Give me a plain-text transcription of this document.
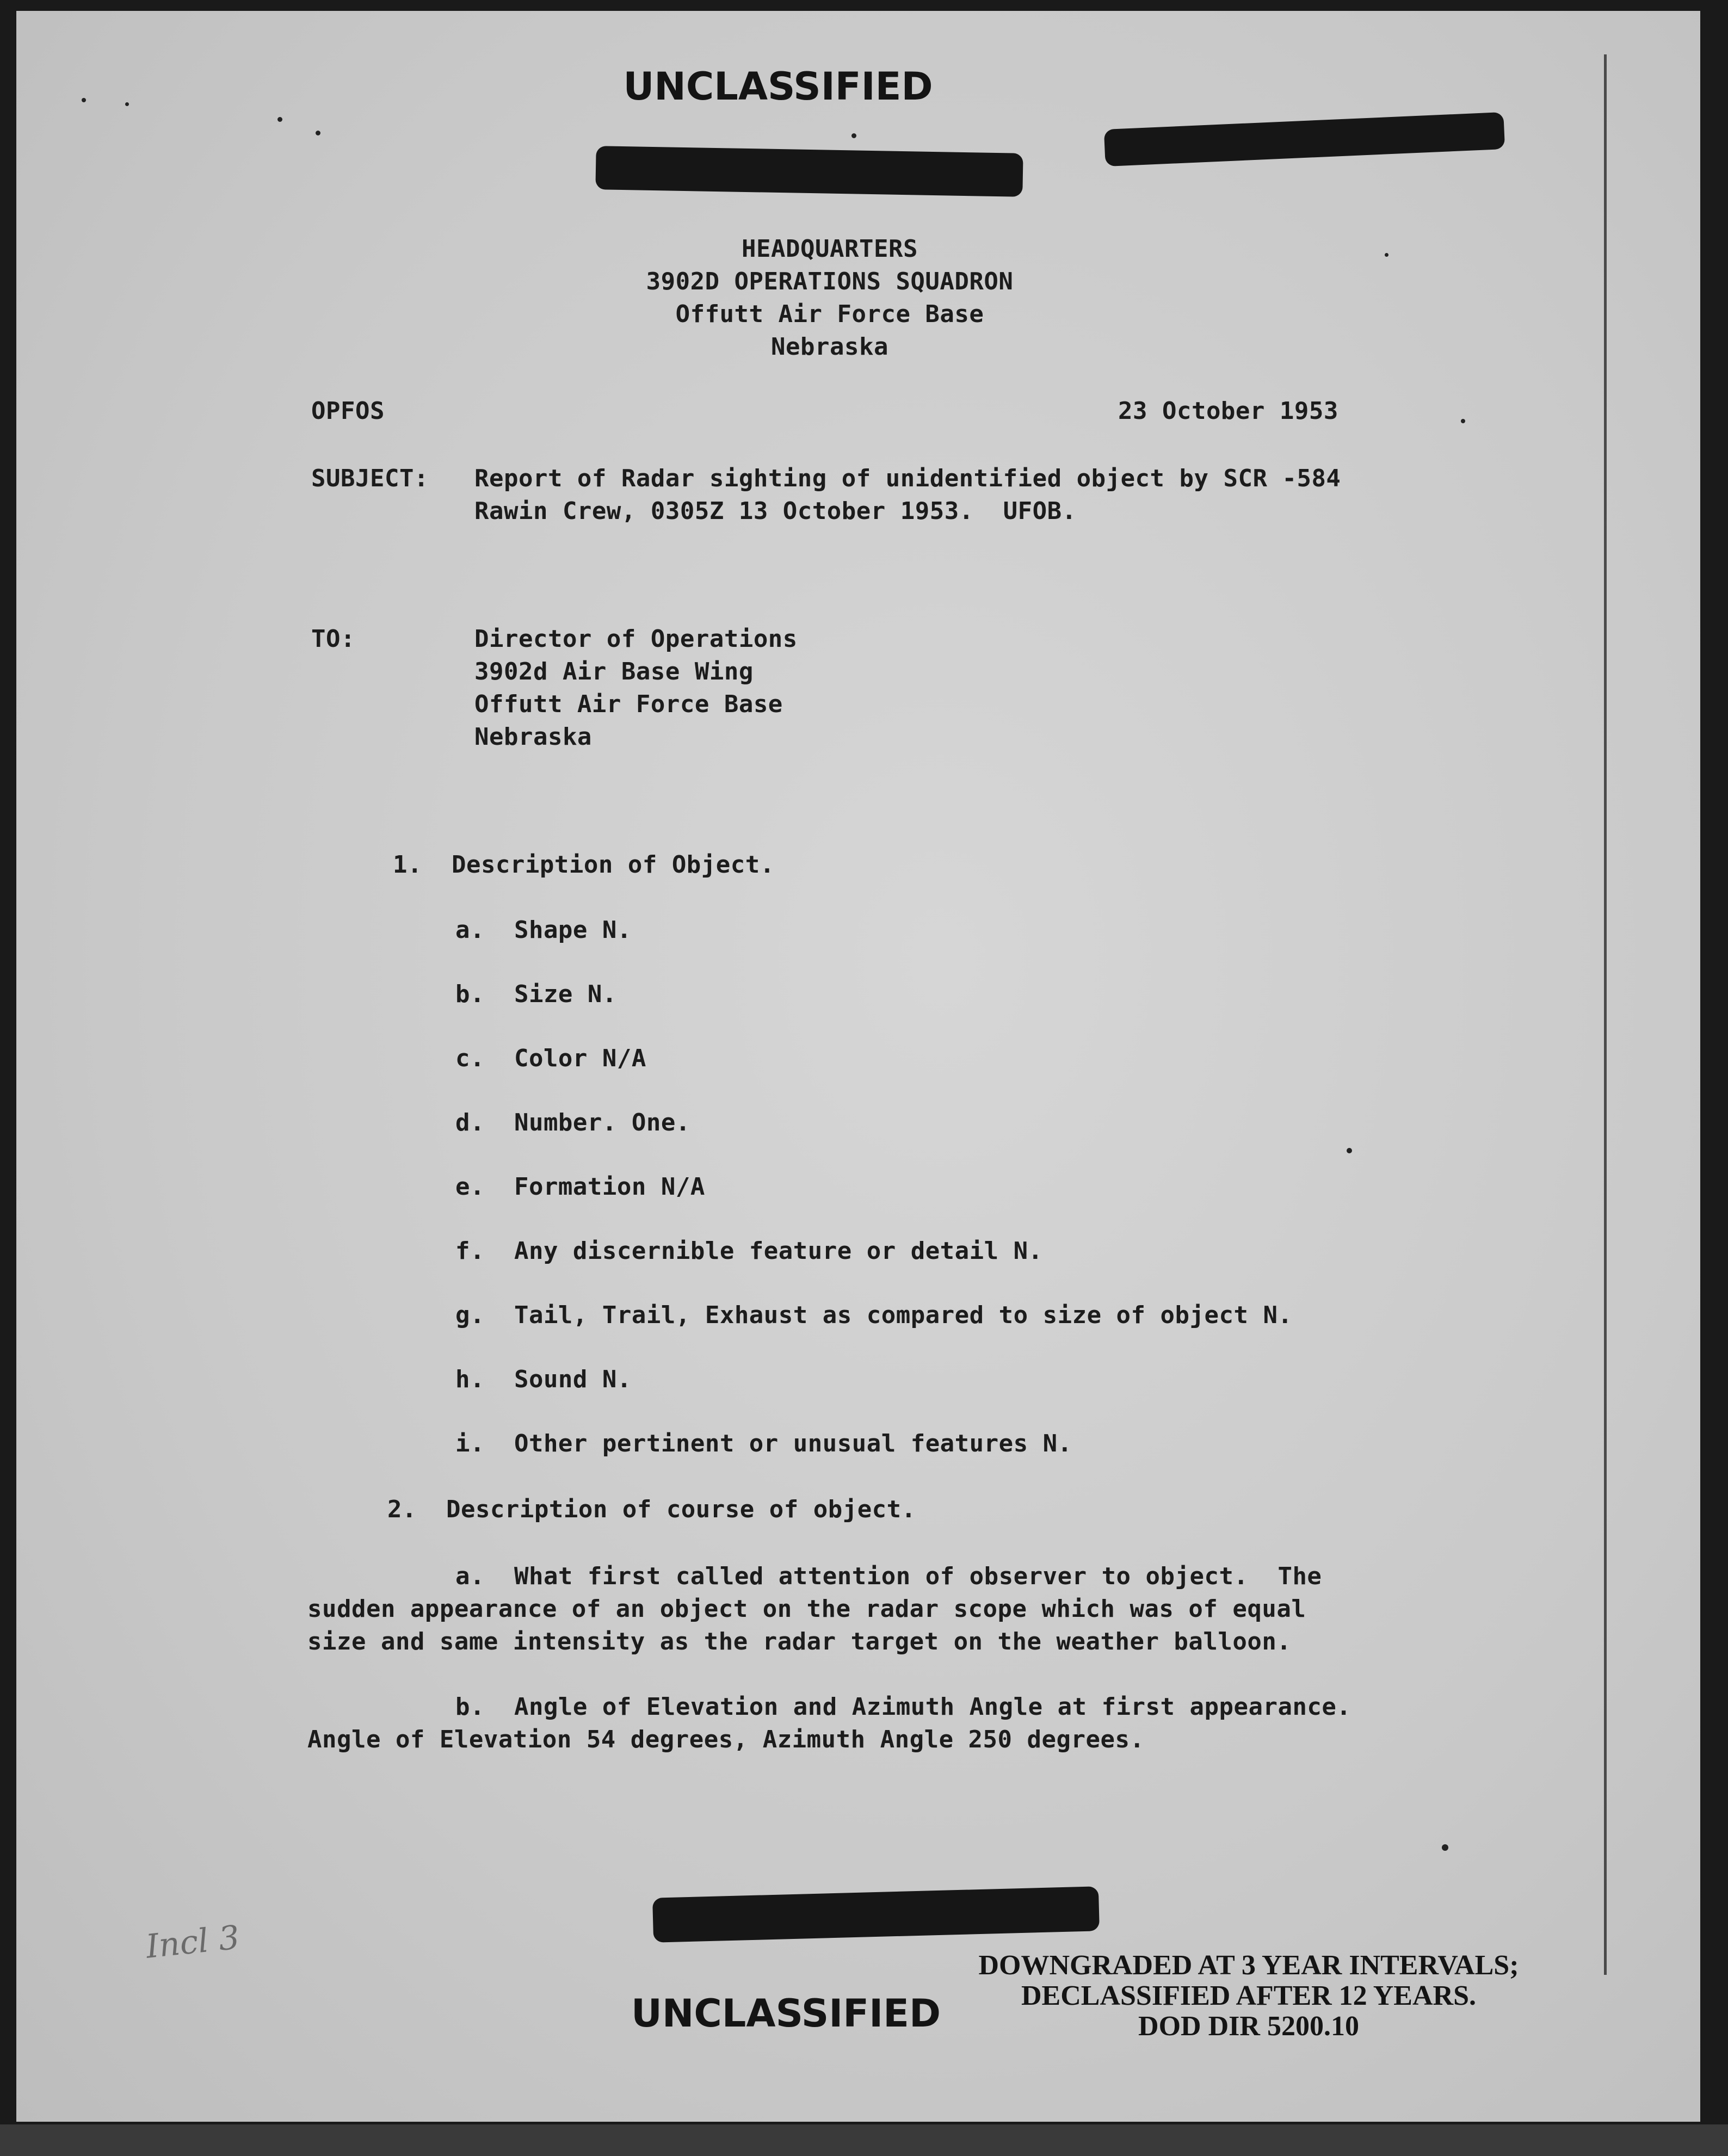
UNCLASSIFIED
HEADQUARTERS
3902D OPERATIONS SQUADRON
Offutt Air Force Base
Nebraska
OPFOS	23 October 1953
SUBJECT: Report of Radar sighting of unidentified object by SCR -584
Rawin Crew, 0305Z 13 October 1953.  UFOB.
TO:	Director of Operations
3902d Air Base Wing
Offutt Air Force Base
Nebraska
1.  Description of Object.
a.  Shape N.
b.  Size N.
c.  Color N/A
d.  Number. One.
e.  Formation N/A
f.  Any discernible feature or detail N.
g.  Tail, Trail, Exhaust as compared to size of object N.
h.  Sound N.
i.  Other pertinent or unusual features N.
2.  Description of course of object.
a.  What first called attention of observer to object.  The
sudden appearance of an object on the radar scope which was of equal
size and same intensity as the radar target on the weather balloon.
b.  Angle of Elevation and Azimuth Angle at first appearance.
Angle of Elevation 54 degrees, Azimuth Angle 250 degrees.
Incl 3
UNCLASSIFIED
DOWNGRADED AT 3 YEAR INTERVALS;
DECLASSIFIED AFTER 12 YEARS.
DOD DIR 5200.10
